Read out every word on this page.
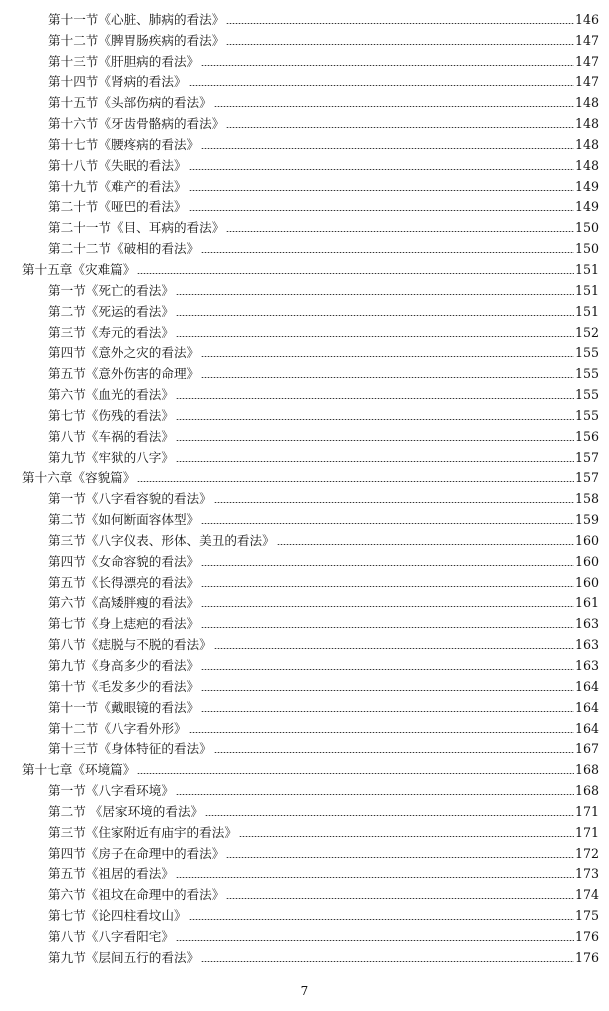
第十一节《心脏、肺病的看法》	146
第十二节《脾胃肠疾病的看法》	147
第十三节《肝胆病的看法》	147
第十四节《肾病的看法》	147
第十五节《头部伤病的看法》	148
第十六节《牙齿骨骼病的看法》	148
第十七节《腰疼病的看法》	148
第十八节《失眠的看法》	148
第十九节《难产的看法》	149
第二十节《哑巴的看法》	149
第二十一节《目、耳病的看法》	150
第二十二节《破相的看法》	150
第十五章《灾难篇》	151
第一节《死亡的看法》	151
第二节《死运的看法》	151
第三节《寿元的看法》	152
第四节《意外之灾的看法》	155
第五节《意外伤害的命理》	155
第六节《血光的看法》	155
第七节《伤残的看法》	155
第八节《车祸的看法》	156
第九节《牢狱的八字》	157
第十六章《容貌篇》	157
第一节《八字看容貌的看法》	158
第二节《如何断面容体型》	159
第三节《八字仪表、形体、美丑的看法》	160
第四节《女命容貌的看法》	160
第五节《长得漂亮的看法》	160
第六节《高矮胖瘦的看法》	161
第七节《身上痣疤的看法》	163
第八节《痣脱与不脱的看法》	163
第九节《身高多少的看法》	163
第十节《毛发多少的看法》	164
第十一节《戴眼镜的看法》	164
第十二节《八字看外形》	164
第十三节《身体特征的看法》	167
第十七章《环境篇》	168
第一节《八字看环境》	168
第二节 《居家环境的看法》	171
第三节《住家附近有庙宇的看法》	171
第四节《房子在命理中的看法》	172
第五节《祖居的看法》	173
第六节《祖坟在命理中的看法》	174
第七节《论四柱看坟山》	175
第八节《八字看阳宅》	176
第九节《层间五行的看法》	176
7
